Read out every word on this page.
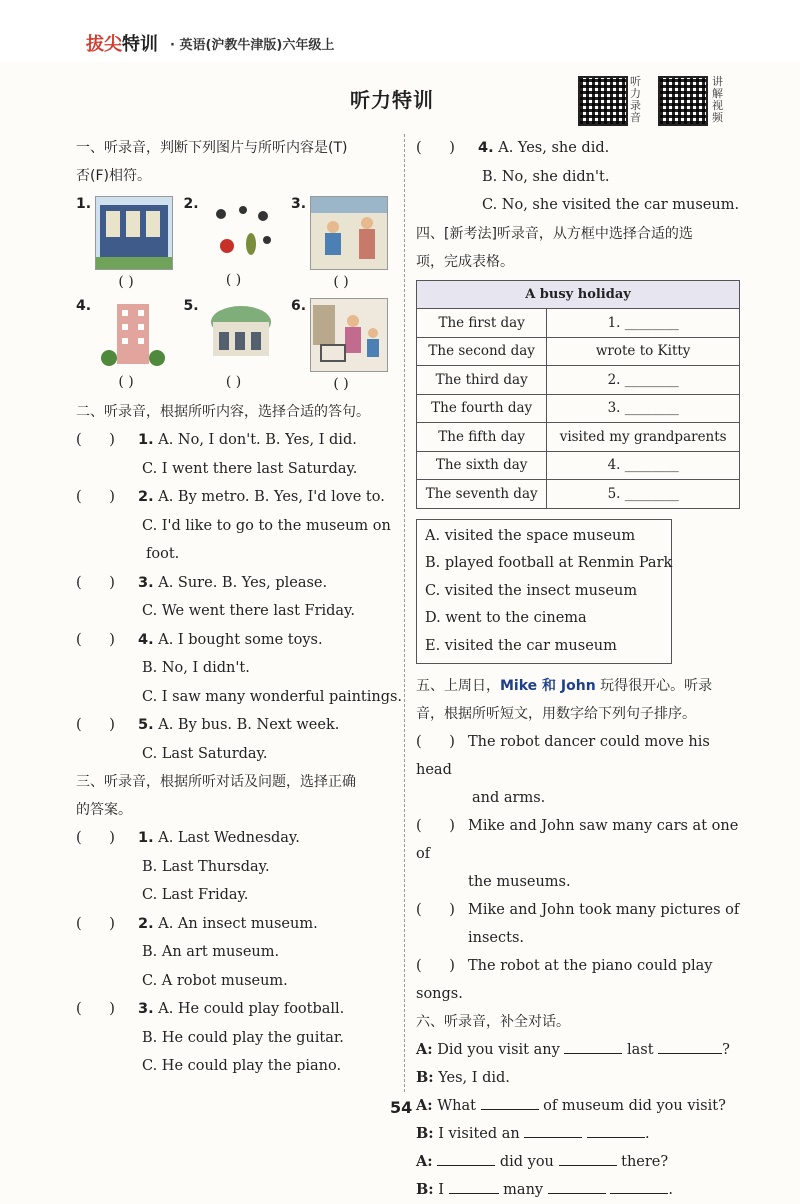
拔尖特训 · 英语(沪教牛津版)六年级上
听力特训
听力录音
讲解视频
一、听录音，判断下列图片与所听内容是(T)
否(F)相符。
1.
( )
2.
( )
3.
( )
4.
( )
5.
( )
6.
( )
二、听录音，根据所听内容，选择合适的答句。
(      ) 1. A. No, I don't. B. Yes, I did.
C. I went there last Saturday.
(      ) 2. A. By metro. B. Yes, I'd love to.
C. I'd like to go to the museum on
foot.
(      ) 3. A. Sure. B. Yes, please.
C. We went there last Friday.
(      ) 4. A. I bought some toys.
B. No, I didn't.
C. I saw many wonderful paintings.
(      ) 5. A. By bus. B. Next week.
C. Last Saturday.
三、听录音，根据所听对话及问题，选择正确
的答案。
(      ) 1. A. Last Wednesday.
B. Last Thursday.
C. Last Friday.
(      ) 2. A. An insect museum.
B. An art museum.
C. A robot museum.
(      ) 3. A. He could play football.
B. He could play the guitar.
C. He could play the piano.
(      ) 4. A. Yes, she did.
B. No, she didn't.
C. No, she visited the car museum.
四、[新考法]听录音，从方框中选择合适的选
项，完成表格。
A busy holiday	
The first day	1. ________
The second day	wrote to Kitty
The third day	2. ________
The fourth day	3. ________
The fifth day	visited my grandparents
The sixth day	4. ________
The seventh day	5. ________
A. visited the space museum
B. played football at Renmin Park
C. visited the insect museum
D. went to the cinema
E. visited the car museum
五、上周日，Mike 和 John 玩得很开心。听录
音，根据所听短文，用数字给下列句子排序。
(      ) The robot dancer could move his head
and arms.
(      ) Mike and John saw many cars at one of
the museums.
(      ) Mike and John took many pictures of
insects.
(      ) The robot at the piano could play songs.
六、听录音，补全对话。
A: Did you visit any	last	?
B: Yes, I did.
A: What	of museum did you visit?
B: I visited an	.
A:	did you	there?
B: I	many	.
54
